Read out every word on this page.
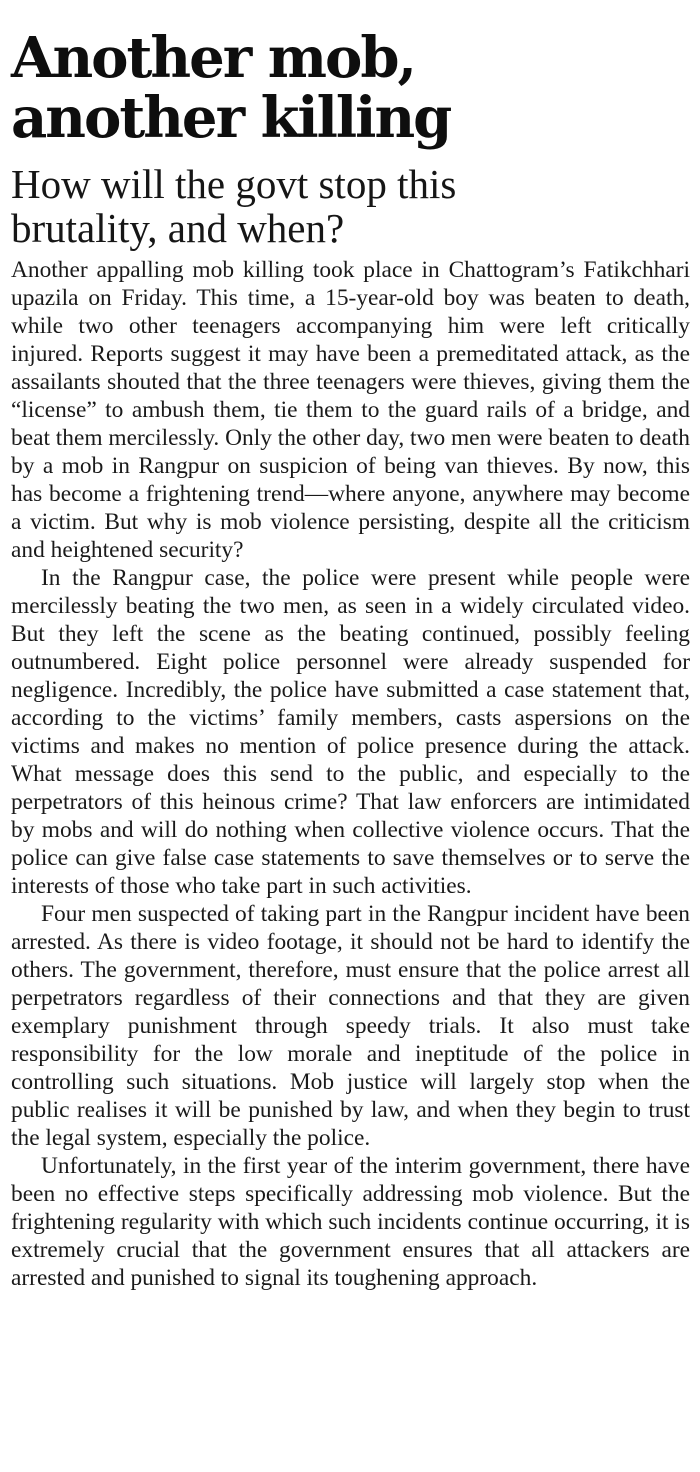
Another mob,
another killing
How will the govt stop this
brutality, and when?

Another appalling mob killing took place in Chattogram’s Fatikchhari upazila on Friday. This time, a 15-year-old boy was beaten to death, while two other teenagers accompanying him were left critically injured. Reports suggest it may have been a premeditated attack, as the assailants shouted that the three teenagers were thieves, giving them the “license” to ambush them, tie them to the guard rails of a bridge, and beat them mercilessly. Only the other day, two men were beaten to death by a mob in Rangpur on suspicion of being van thieves. By now, this has become a frightening trend—where anyone, anywhere may become a victim. But why is mob violence persisting, despite all the criticism and heightened security?

In the Rangpur case, the police were present while people were mercilessly beating the two men, as seen in a widely circulated video. But they left the scene as the beating continued, possibly feeling outnumbered. Eight police personnel were already suspended for negligence. Incredibly, the police have submitted a case statement that, according to the victims’ family members, casts aspersions on the victims and makes no mention of police presence during the attack. What message does this send to the public, and especially to the perpetrators of this heinous crime? That law enforcers are intimidated by mobs and will do nothing when collective violence occurs. That the police can give false case statements to save themselves or to serve the interests of those who take part in such activities.

Four men suspected of taking part in the Rangpur incident have been arrested. As there is video footage, it should not be hard to identify the others. The government, therefore, must ensure that the police arrest all perpetrators regardless of their connections and that they are given exemplary punishment through speedy trials. It also must take responsibility for the low morale and ineptitude of the police in controlling such situations. Mob justice will largely stop when the public realises it will be punished by law, and when they begin to trust the legal system, especially the police.

Unfortunately, in the first year of the interim government, there have been no effective steps specifically addressing mob violence. But the frightening regularity with which such incidents continue occurring, it is extremely crucial that the government ensures that all attackers are arrested and punished to signal its toughening approach.
